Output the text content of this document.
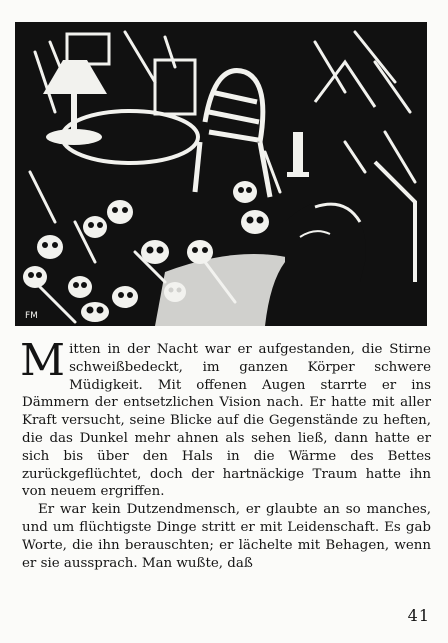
FM

Mitten in der Nacht war er aufgestanden, die Stirne schweißbedeckt, im ganzen Körper schwere Müdigkeit. Mit offenen Augen starrte er ins Dämmern der entsetzlichen Vision nach. Er hatte mit aller Kraft versucht, seine Blicke auf die Gegenstände zu heften, die das Dunkel mehr ahnen als sehen ließ, dann hatte er sich bis über den Hals in die Wärme des Bettes zurückgeflüchtet, doch der hartnäckige Traum hatte ihn von neuem ergriffen.

Er war kein Dutzendmensch, er glaubte an so manches, und um flüchtigste Dinge stritt er mit Leidenschaft. Es gab Worte, die ihn berauschten; er lächelte mit Behagen, wenn er sie aussprach. Man wußte, daß

41
